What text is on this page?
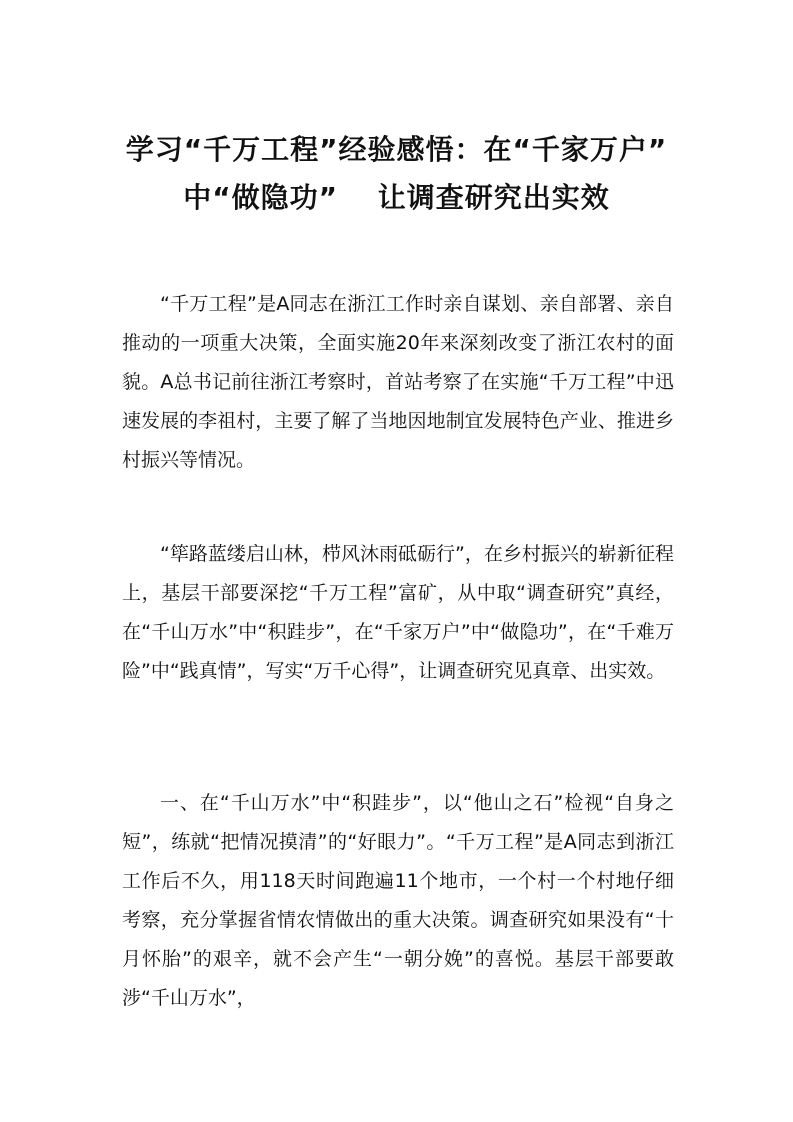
学习“千万工程”经验感悟：在“千家万户”
中“做隐功”　 让调查研究出实效

“千万工程”是A同志在浙江工作时亲自谋划、亲自部署、亲自推动的一项重大决策，全面实施20年来深刻改变了浙江农村的面貌。A总书记前往浙江考察时，首站考察了在实施“千万工程”中迅速发展的李祖村，主要了解了当地因地制宜发展特色产业、推进乡村振兴等情况。

“筚路蓝缕启山林，栉风沐雨砥砺行”，在乡村振兴的崭新征程上，基层干部要深挖“千万工程”富矿，从中取“调查研究”真经，在“千山万水”中“积跬步”，在“千家万户”中“做隐功”，在“千难万险”中“践真情”，写实“万千心得”，让调查研究见真章、出实效。

一、在“千山万水”中“积跬步”，以“他山之石”检视“自身之短”，练就“把情况摸清”的“好眼力”。“千万工程”是A同志到浙江工作后不久，用118天时间跑遍11个地市，一个村一个村地仔细考察，充分掌握省情农情做出的重大决策。调查研究如果没有“十月怀胎”的艰辛，就不会产生“一朝分娩”的喜悦。基层干部要敢涉“千山万水”，
